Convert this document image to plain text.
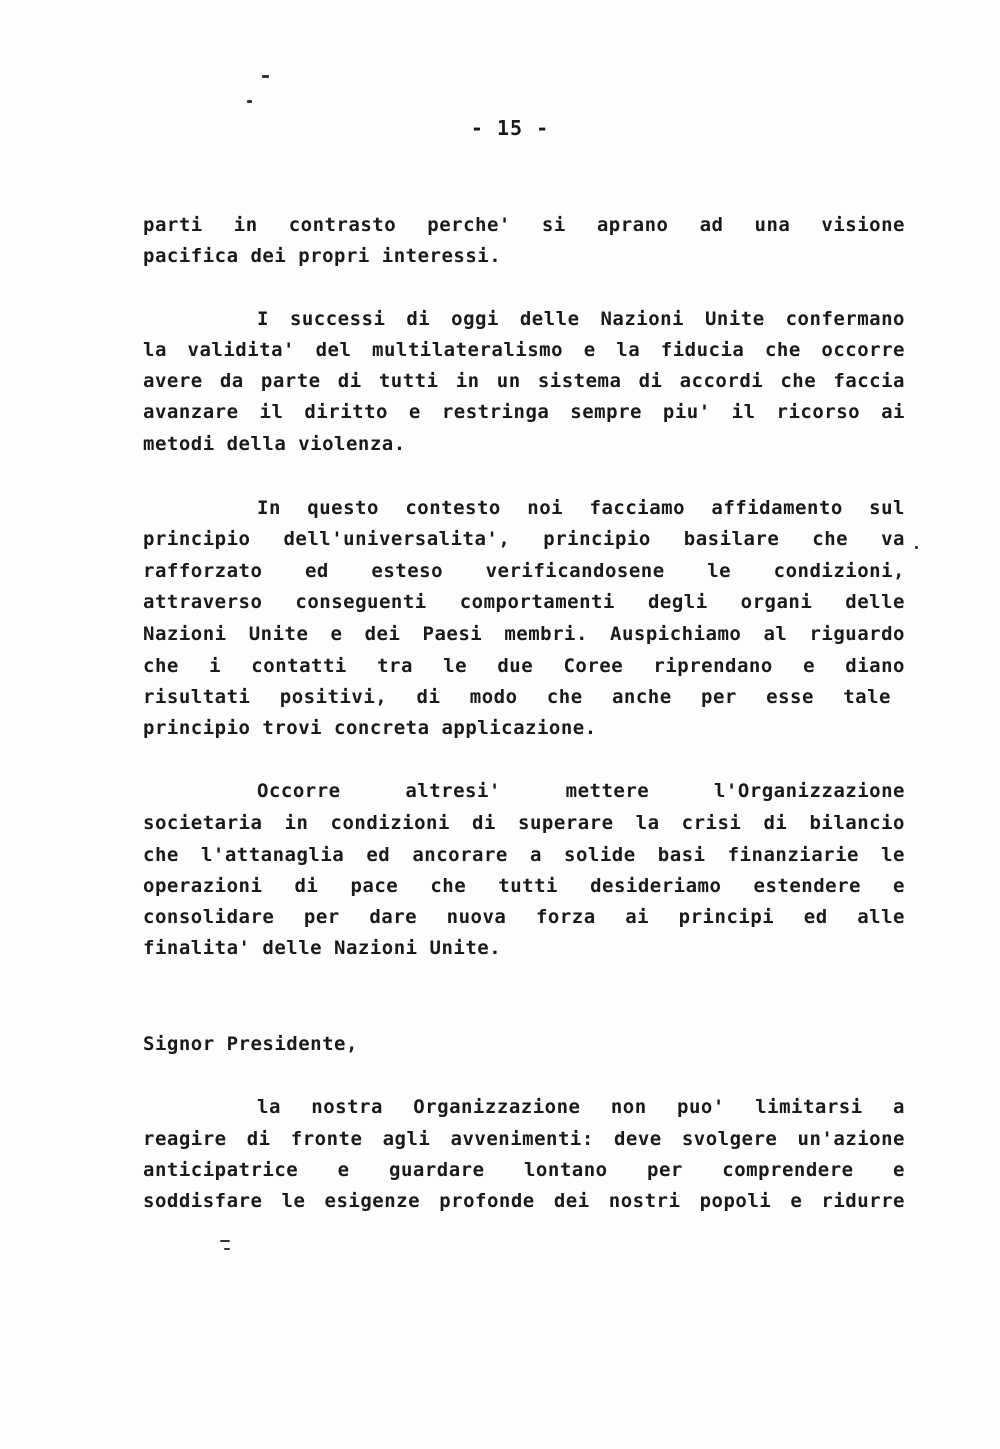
- 15 -
parti in contrasto perche' si aprano ad una visione
pacifica dei propri interessi.
I successi di oggi delle Nazioni Unite confermano
la validita' del multilateralismo e la fiducia che occorre
avere da parte di tutti in un sistema di accordi che faccia
avanzare il diritto e restringa sempre piu' il ricorso ai
metodi della violenza.
In questo contesto noi facciamo affidamento sul
principio dell'universalita', principio basilare che va
rafforzato ed esteso verificandosene le condizioni,
attraverso conseguenti comportamenti degli organi delle
Nazioni Unite e dei Paesi membri. Auspichiamo al riguardo
che i contatti tra le due Coree riprendano e diano
risultati positivi, di modo che anche per esse tale
principio trovi concreta applicazione.
Occorre altresi' mettere l'Organizzazione
societaria in condizioni di superare la crisi di bilancio
che l'attanaglia ed ancorare a solide basi finanziarie le
operazioni di pace che tutti desideriamo estendere e
consolidare per dare nuova forza ai principi ed alle
finalita' delle Nazioni Unite.
Signor Presidente,
la nostra Organizzazione non puo' limitarsi a
reagire di fronte agli avvenimenti: deve svolgere un'azione
anticipatrice e guardare lontano per comprendere e
soddisfare le esigenze profonde dei nostri popoli e ridurre
